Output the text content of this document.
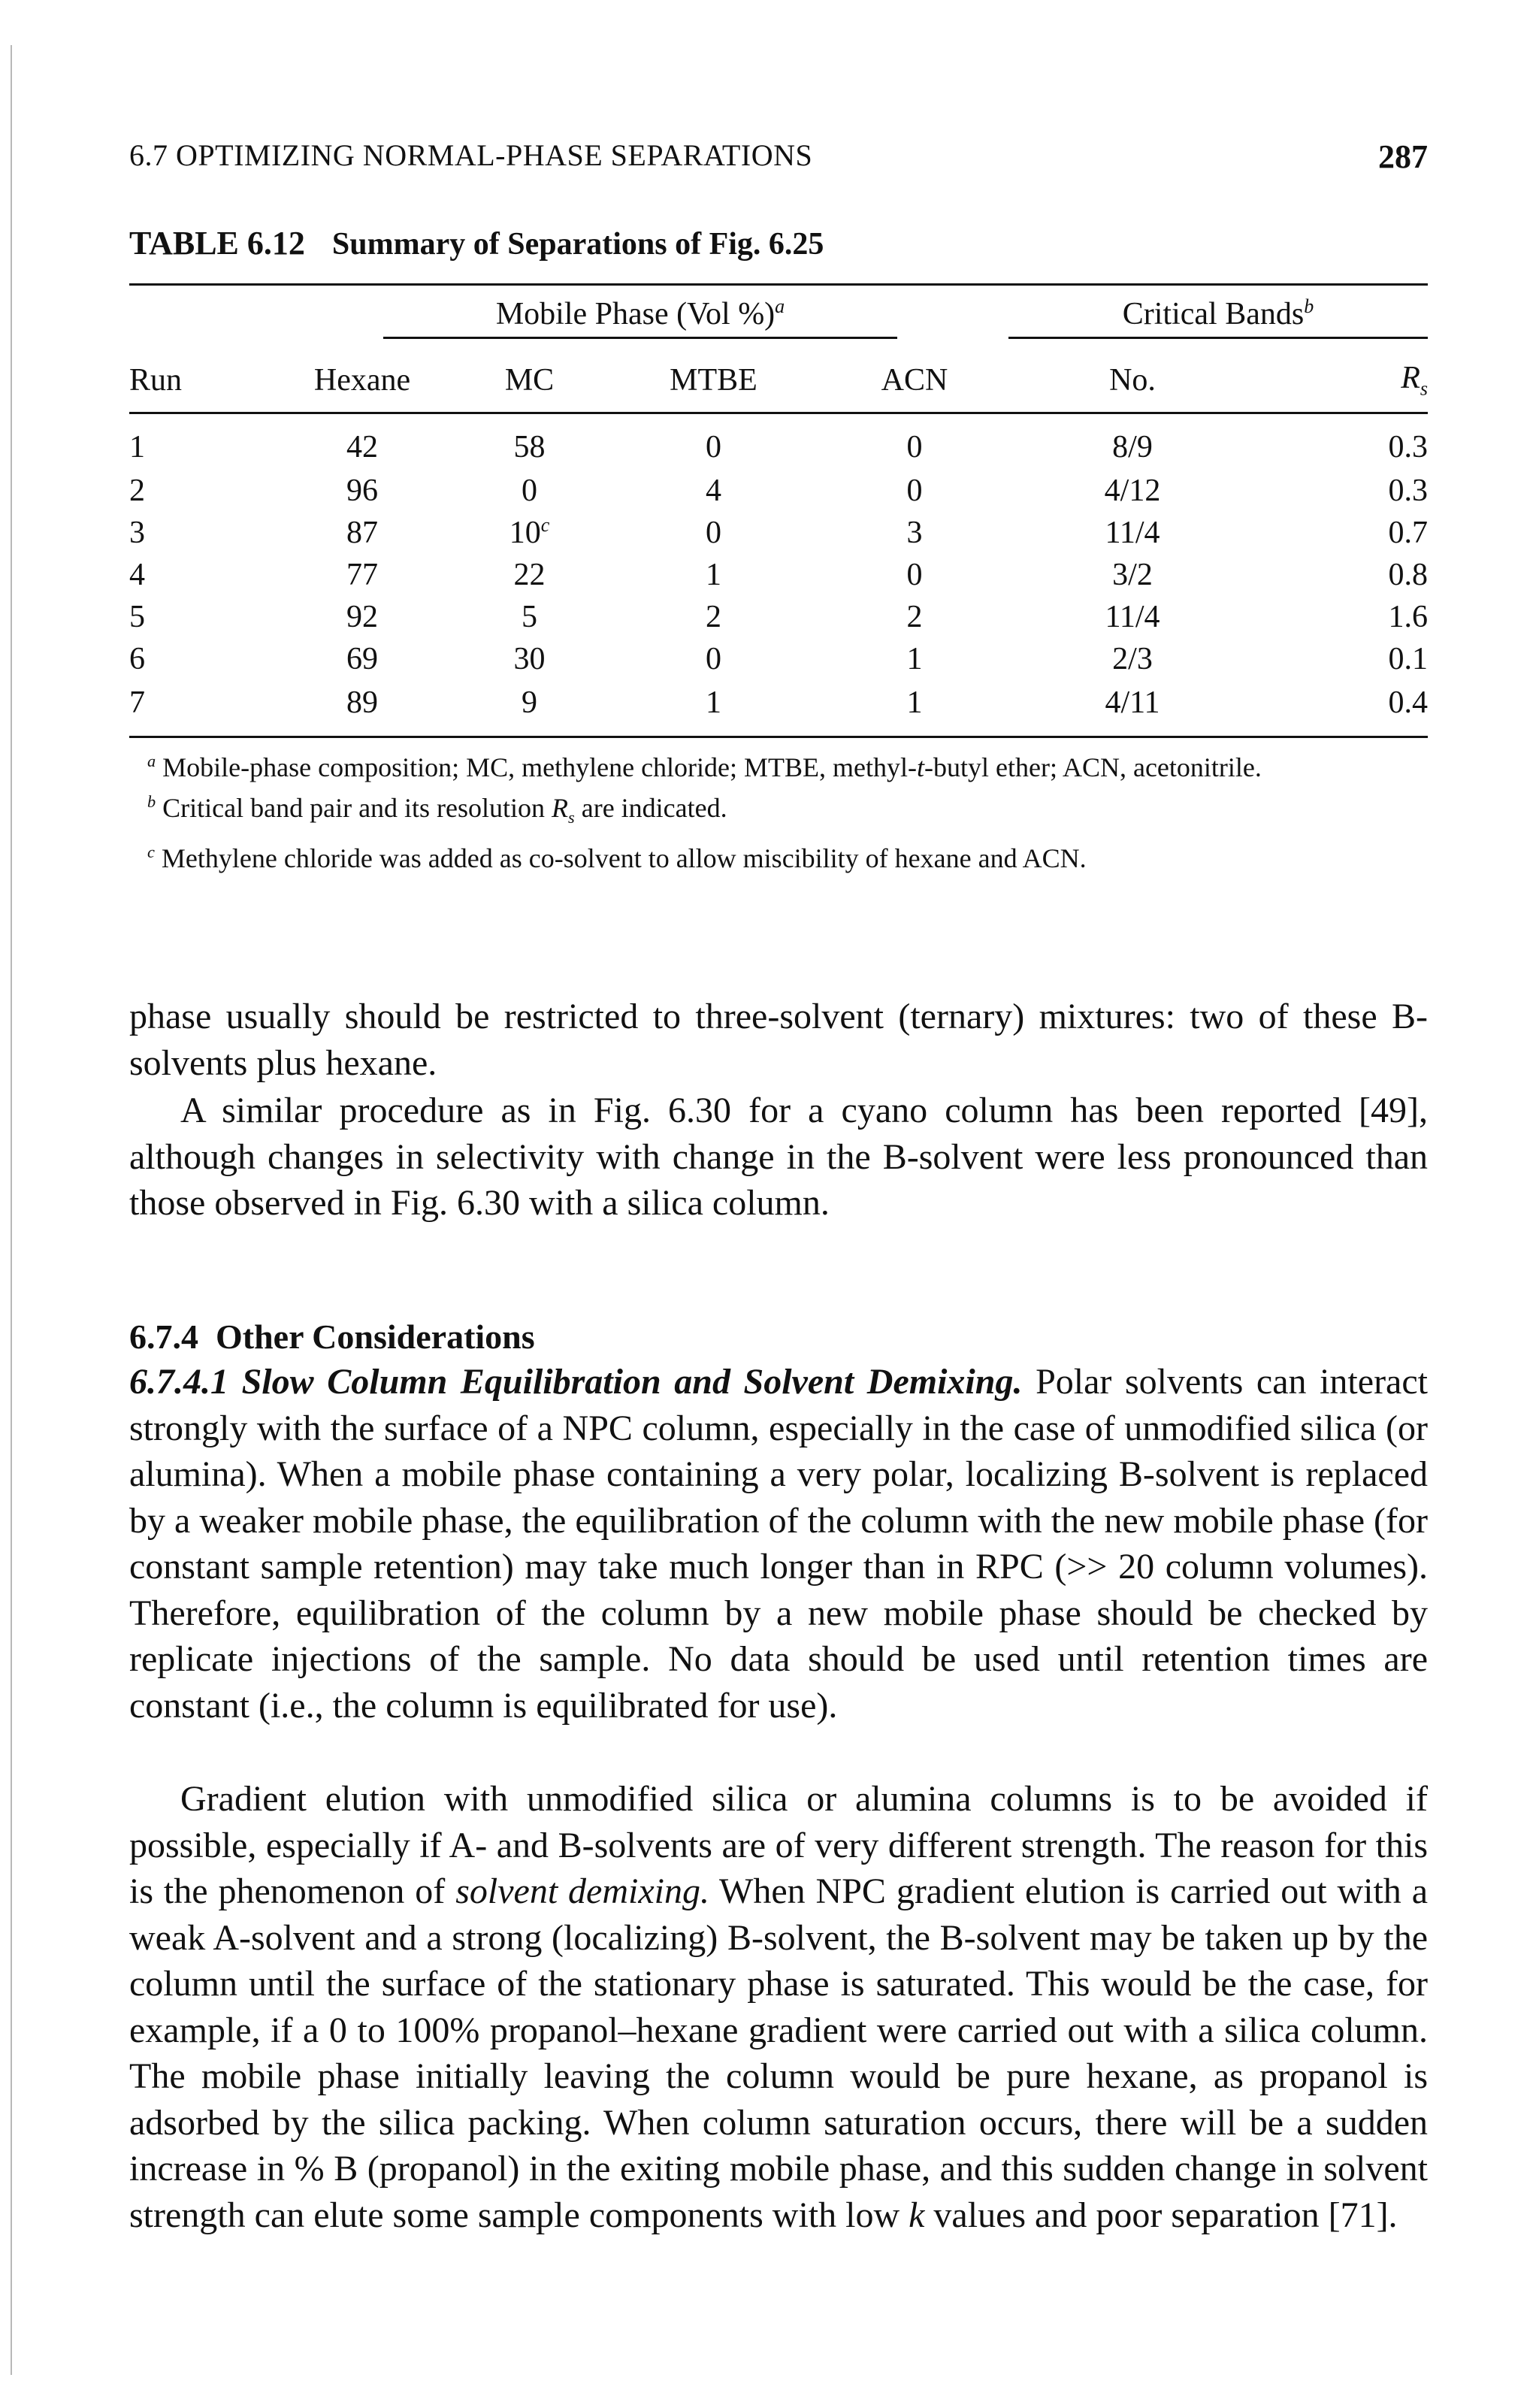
6.7 OPTIMIZING NORMAL-PHASE SEPARATIONS	287
TABLE 6.12 Summary of Separations of Fig. 6.25
	Mobile Phase (Vol %)$^a$				Critical Bands$^b$
Run	Hexane	MC	MTBE	ACN	No.	$R_s$
1	42	58	0	0	8/9	0.3
2	96	0	4	0	4/12	0.3
3	87	10$^c$	0	3	11/4	0.7
4	77	22	1	0	3/2	0.8
5	92	5	2	2	11/4	1.6
6	69	30	0	1	2/3	0.1
7	89	9	1	1	4/11	0.4

$^a$ Mobile-phase composition; MC, methylene chloride; MTBE, methyl-t-butyl ether; ACN, acetonitrile.

$^b$ Critical band pair and its resolution $R_s$ are indicated.

$^c$ Methylene chloride was added as co-solvent to allow miscibility of hexane and ACN.

phase usually should be restricted to three-solvent (ternary) mixtures: two of these B-solvents plus hexane.

A similar procedure as in Fig. 6.30 for a cyano column has been reported [49], although changes in selectivity with change in the B-solvent were less pronounced than those observed in Fig. 6.30 with a silica column.

6.7.4 Other Considerations

6.7.4.1 Slow Column Equilibration and Solvent Demixing. Polar solvents can interact strongly with the surface of a NPC column, especially in the case of unmodified silica (or alumina). When a mobile phase containing a very polar, localizing B-solvent is replaced by a weaker mobile phase, the equilibration of the column with the new mobile phase (for constant sample retention) may take much longer than in RPC (>> 20 column volumes). Therefore, equilibration of the column by a new mobile phase should be checked by replicate injections of the sample. No data should be used until retention times are constant (i.e., the column is equilibrated for use).

Gradient elution with unmodified silica or alumina columns is to be avoided if possible, especially if A- and B-solvents are of very different strength. The reason for this is the phenomenon of solvent demixing. When NPC gradient elution is carried out with a weak A-solvent and a strong (localizing) B-solvent, the B-solvent may be taken up by the column until the surface of the stationary phase is saturated. This would be the case, for example, if a 0 to 100% propanol–hexane gradient were carried out with a silica column. The mobile phase initially leaving the column would be pure hexane, as propanol is adsorbed by the silica packing. When column saturation occurs, there will be a sudden increase in % B (propanol) in the exiting mobile phase, and this sudden change in solvent strength can elute some sample components with low k values and poor separation [71].
